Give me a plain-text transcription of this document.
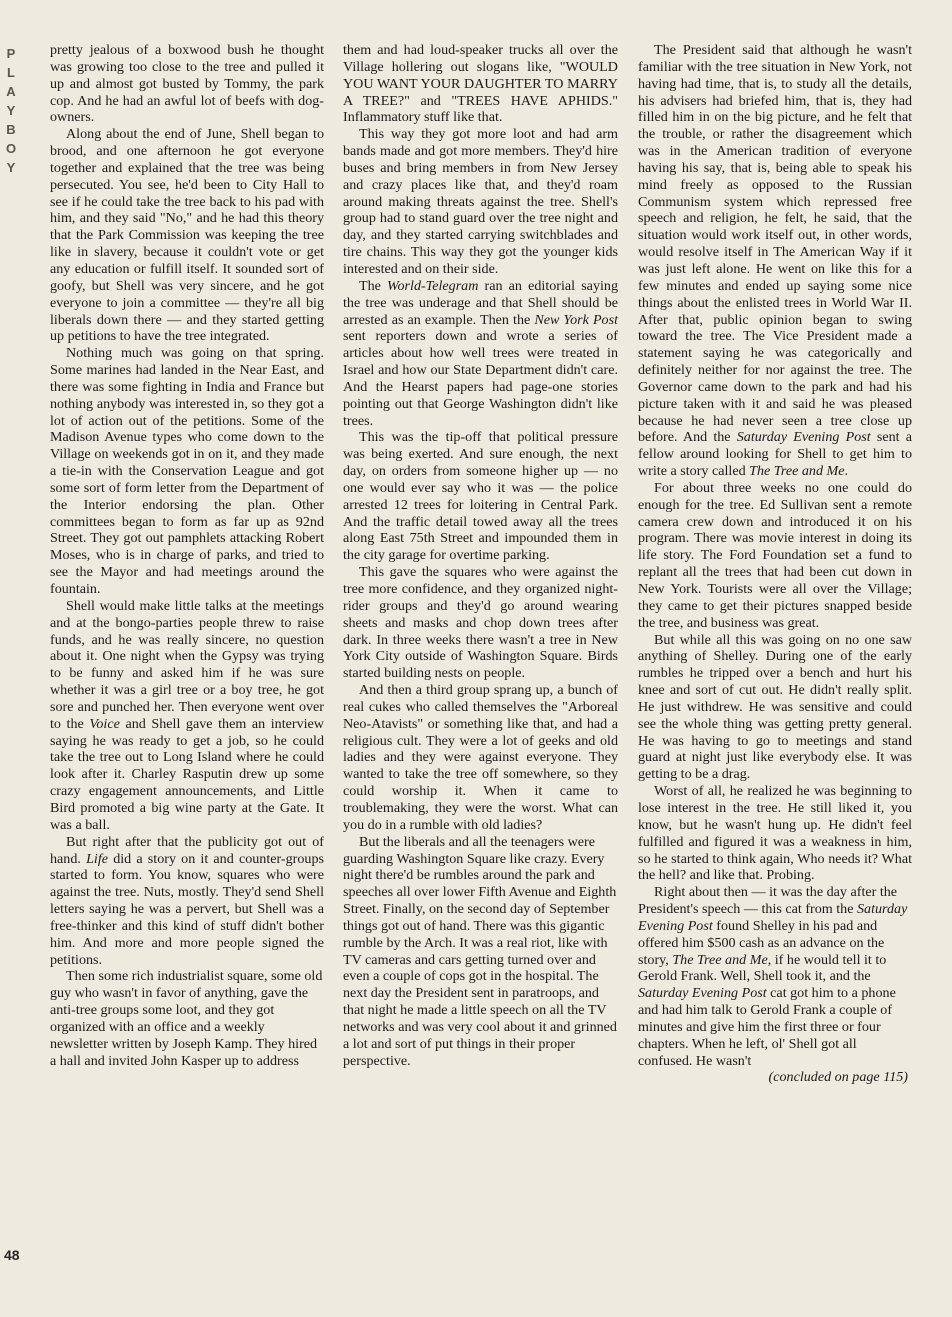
P
L
A
Y
B
O
Y
48

pretty jealous of a boxwood bush he thought was growing too close to the tree and pulled it up and almost got busted by Tommy, the park cop. And he had an awful lot of beefs with dog-owners.

Along about the end of June, Shell began to brood, and one afternoon he got everyone together and explained that the tree was being persecuted. You see, he'd been to City Hall to see if he could take the tree back to his pad with him, and they said "No," and he had this theory that the Park Commission was keeping the tree like in slavery, because it couldn't vote or get any education or fulfill itself. It sounded sort of goofy, but Shell was very sincere, and he got everyone to join a committee — they're all big liberals down there — and they started getting up petitions to have the tree integrated.

Nothing much was going on that spring. Some marines had landed in the Near East, and there was some fighting in India and France but nothing anybody was interested in, so they got a lot of action out of the petitions. Some of the Madison Avenue types who come down to the Village on weekends got in on it, and they made a tie-in with the Conservation League and got some sort of form letter from the Department of the Interior endorsing the plan. Other committees began to form as far up as 92nd Street. They got out pamphlets attacking Robert Moses, who is in charge of parks, and tried to see the Mayor and had meetings around the fountain.

Shell would make little talks at the meetings and at the bongo-parties people threw to raise funds, and he was really sincere, no question about it. One night when the Gypsy was trying to be funny and asked him if he was sure whether it was a girl tree or a boy tree, he got sore and punched her. Then everyone went over to the Voice and Shell gave them an interview saying he was ready to get a job, so he could take the tree out to Long Island where he could look after it. Charley Rasputin drew up some crazy engagement announcements, and Little Bird promoted a big wine party at the Gate. It was a ball.

But right after that the publicity got out of hand. Life did a story on it and counter-groups started to form. You know, squares who were against the tree. Nuts, mostly. They'd send Shell letters saying he was a pervert, but Shell was a free-thinker and this kind of stuff didn't bother him. And more and more people signed the petitions.

Then some rich industrialist square, some old guy who wasn't in favor of anything, gave the anti-tree groups some loot, and they got organized with an office and a weekly newsletter written by Joseph Kamp. They hired a hall and invited John Kasper up to address

them and had loud-speaker trucks all over the Village hollering out slogans like, "WOULD YOU WANT YOUR DAUGHTER TO MARRY A TREE?" and "TREES HAVE APHIDS." Inflammatory stuff like that.

This way they got more loot and had arm bands made and got more members. They'd hire buses and bring members in from New Jersey and crazy places like that, and they'd roam around making threats against the tree. Shell's group had to stand guard over the tree night and day, and they started carrying switchblades and tire chains. This way they got the younger kids interested and on their side.

The World-Telegram ran an editorial saying the tree was underage and that Shell should be arrested as an example. Then the New York Post sent reporters down and wrote a series of articles about how well trees were treated in Israel and how our State Department didn't care. And the Hearst papers had page-one stories pointing out that George Washington didn't like trees.

This was the tip-off that political pressure was being exerted. And sure enough, the next day, on orders from someone higher up — no one would ever say who it was — the police arrested 12 trees for loitering in Central Park. And the traffic detail towed away all the trees along East 75th Street and impounded them in the city garage for overtime parking.

This gave the squares who were against the tree more confidence, and they organized night-rider groups and they'd go around wearing sheets and masks and chop down trees after dark. In three weeks there wasn't a tree in New York City outside of Washington Square. Birds started building nests on people.

And then a third group sprang up, a bunch of real cukes who called themselves the "Arboreal Neo-Atavists" or something like that, and had a religious cult. They were a lot of geeks and old ladies and they were against everyone. They wanted to take the tree off somewhere, so they could worship it. When it came to troublemaking, they were the worst. What can you do in a rumble with old ladies?

But the liberals and all the teenagers were guarding Washington Square like crazy. Every night there'd be rumbles around the park and speeches all over lower Fifth Avenue and Eighth Street. Finally, on the second day of September things got out of hand. There was this gigantic rumble by the Arch. It was a real riot, like with TV cameras and cars getting turned over and even a couple of cops got in the hospital. The next day the President sent in paratroops, and that night he made a little speech on all the TV networks and was very cool about it and grinned a lot and sort of put things in their proper perspective.

The President said that although he wasn't familiar with the tree situation in New York, not having had time, that is, to study all the details, his advisers had briefed him, that is, they had filled him in on the big picture, and he felt that the trouble, or rather the disagreement which was in the American tradition of everyone having his say, that is, being able to speak his mind freely as opposed to the Russian Communism system which repressed free speech and religion, he felt, he said, that the situation would work itself out, in other words, would resolve itself in The American Way if it was just left alone. He went on like this for a few minutes and ended up saying some nice things about the enlisted trees in World War II. After that, public opinion began to swing toward the tree. The Vice President made a statement saying he was categorically and definitely neither for nor against the tree. The Governor came down to the park and had his picture taken with it and said he was pleased because he had never seen a tree close up before. And the Saturday Evening Post sent a fellow around looking for Shell to get him to write a story called The Tree and Me.

For about three weeks no one could do enough for the tree. Ed Sullivan sent a remote camera crew down and introduced it on his program. There was movie interest in doing its life story. The Ford Foundation set a fund to replant all the trees that had been cut down in New York. Tourists were all over the Village; they came to get their pictures snapped beside the tree, and business was great.

But while all this was going on no one saw anything of Shelley. During one of the early rumbles he tripped over a bench and hurt his knee and sort of cut out. He didn't really split. He just withdrew. He was sensitive and could see the whole thing was getting pretty general. He was having to go to meetings and stand guard at night just like everybody else. It was getting to be a drag.

Worst of all, he realized he was beginning to lose interest in the tree. He still liked it, you know, but he wasn't hung up. He didn't feel fulfilled and figured it was a weakness in him, so he started to think again, Who needs it? What the hell? and like that. Probing.

Right about then — it was the day after the President's speech — this cat from the Saturday Evening Post found Shelley in his pad and offered him $500 cash as an advance on the story, The Tree and Me, if he would tell it to Gerold Frank. Well, Shell took it, and the Saturday Evening Post cat got him to a phone and had him talk to Gerold Frank a couple of minutes and give him the first three or four chapters. When he left, ol' Shell got all confused. He wasn't

(concluded on page 115)
